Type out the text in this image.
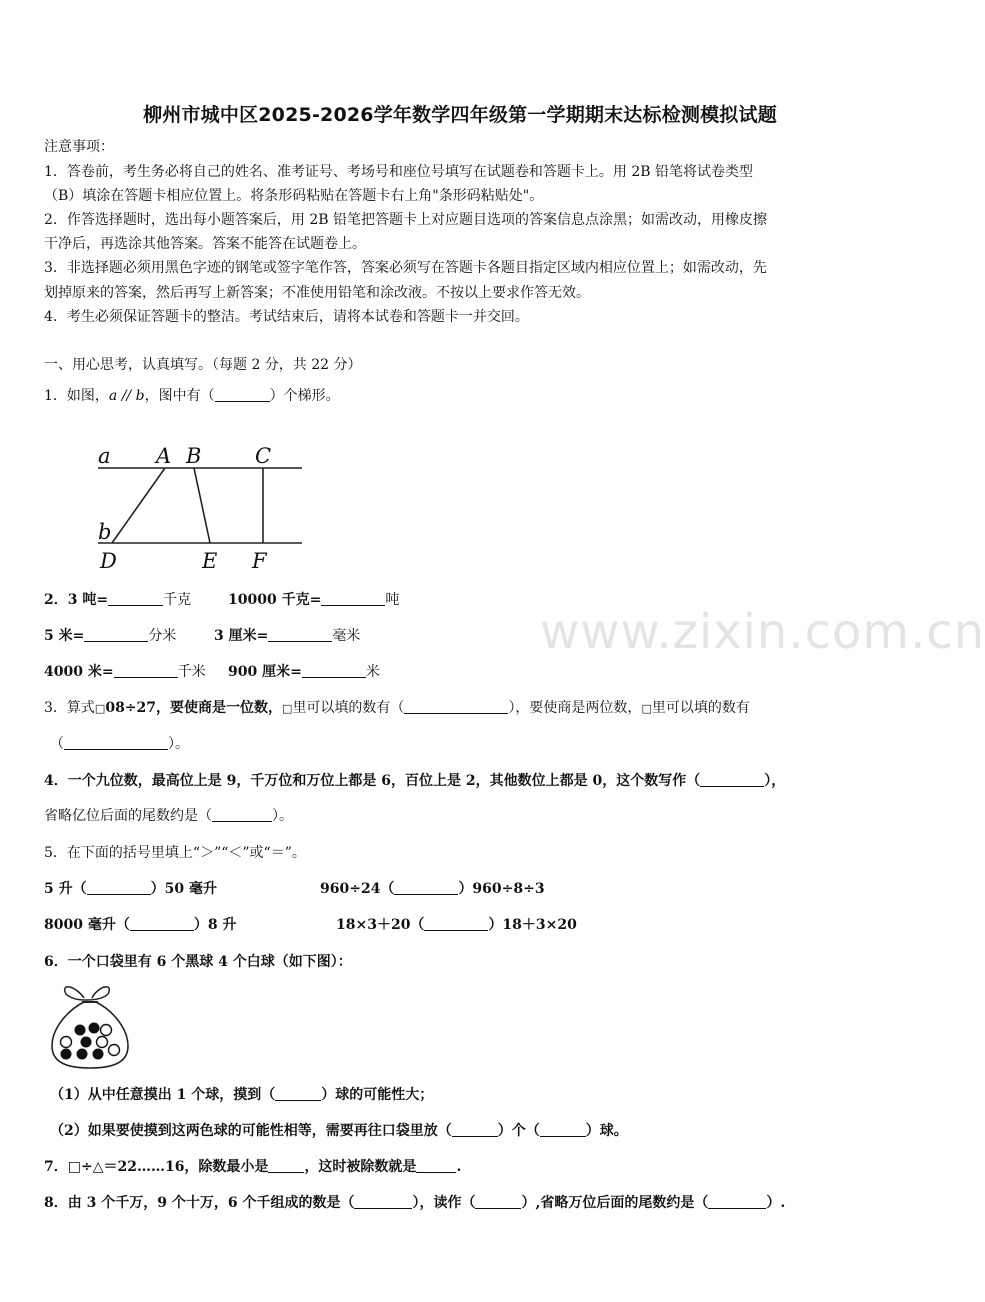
www.zixin.com.cn
柳州市城中区2025-2026学年数学四年级第一学期期末达标检测模拟试题
注意事项：
1．答卷前，考生务必将自己的姓名、准考证号、考场号和座位号填写在试题卷和答题卡上。用 2B 铅笔将试卷类型
（B）填涂在答题卡相应位置上。将条形码粘贴在答题卡右上角"条形码粘贴处"。
2．作答选择题时，选出每小题答案后，用 2B 铅笔把答题卡上对应题目选项的答案信息点涂黑；如需改动，用橡皮擦
干净后，再选涂其他答案。答案不能答在试题卷上。
3．非选择题必须用黑色字迹的钢笔或签字笔作答，答案必须写在答题卡各题目指定区域内相应位置上；如需改动，先
划掉原来的答案，然后再写上新答案；不准使用铅笔和涂改液。不按以上要求作答无效。
4．考生必须保证答题卡的整洁。考试结束后，请将本试卷和答题卡一并交回。
一、用心思考，认真填写。（每题 2 分，共 22 分）
1．如图，a // b，图中有（	）个梯形。
a A B	C
b
D	E F
2．3 吨=	千克	10000 千克=	吨
5 米=	分米	3 厘米=	毫米
4000 米=	千米 900 厘米=	米
3．算式□08÷27，要使商是一位数，□里可以填的数有（	），要使商是两位数，□里可以填的数有
（	）。
4．一个九位数，最高位上是 9，千万位和万位上都是 6，百位上是 2，其他数位上都是 0，这个数写作（	），
省略亿位后面的尾数约是（	）。
5．在下面的括号里填上“＞”“＜”或“＝”。
5 升（	）50 毫升	960÷24（	）960÷8÷3
8000 毫升（	）8 升	18×3＋20（	）18＋3×20
6．一个口袋里有 6 个黑球 4 个白球（如下图）：
（1）从中任意摸出 1 个球，摸到（	）球的可能性大；
（2）如果要使摸到这两色球的可能性相等，需要再往口袋里放（	）个（	）球。
7．□÷△＝22……16，除数最小是	，这时被除数就是	.
8．由 3 个千万，9 个十万，6 个千组成的数是（	），读作（	）,省略万位后面的尾数约是（	）.
